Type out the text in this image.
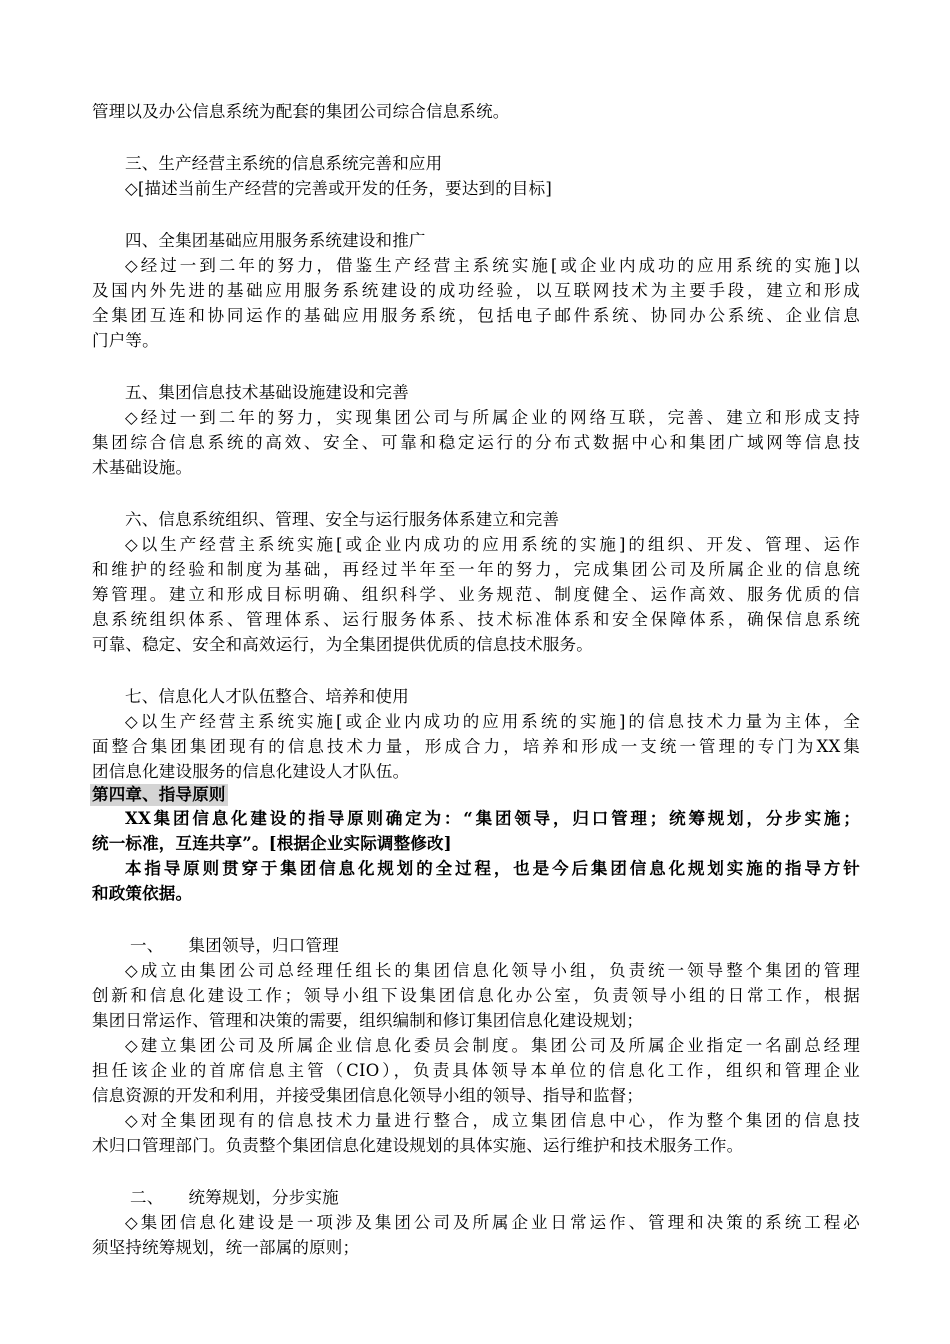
管理以及办公信息系统为配套的集团公司综合信息系统。
三、生产经营主系统的信息系统完善和应用
◇[描述当前生产经营的完善或开发的任务，要达到的目标]
四、全集团基础应用服务系统建设和推广
◇经过一到二年的努力，借鉴生产经营主系统实施[或企业内成功的应用系统的实施]以
及国内外先进的基础应用服务系统建设的成功经验，以互联网技术为主要手段，建立和形成
全集团互连和协同运作的基础应用服务系统，包括电子邮件系统、协同办公系统、企业信息
门户等。
五、集团信息技术基础设施建设和完善
◇经过一到二年的努力，实现集团公司与所属企业的网络互联，完善、建立和形成支持
集团综合信息系统的高效、安全、可靠和稳定运行的分布式数据中心和集团广域网等信息技
术基础设施。
六、信息系统组织、管理、安全与运行服务体系建立和完善
◇以生产经营主系统实施[或企业内成功的应用系统的实施]的组织、开发、管理、运作
和维护的经验和制度为基础，再经过半年至一年的努力，完成集团公司及所属企业的信息统
筹管理。建立和形成目标明确、组织科学、业务规范、制度健全、运作高效、服务优质的信
息系统组织体系、管理体系、运行服务体系、技术标准体系和安全保障体系，确保信息系统
可靠、稳定、安全和高效运行，为全集团提供优质的信息技术服务。
七、信息化人才队伍整合、培养和使用
◇以生产经营主系统实施[或企业内成功的应用系统的实施]的信息技术力量为主体，全
面整合集团集团现有的信息技术力量，形成合力，培养和形成一支统一管理的专门为XX集
团信息化建设服务的信息化建设人才队伍。
第四章、指导原则
XX集团信息化建设的指导原则确定为：“集团领导，归口管理；统筹规划，分步实施；
统一标准，互连共享”。[根据企业实际调整修改]
本指导原则贯穿于集团信息化规划的全过程，也是今后集团信息化规划实施的指导方针
和政策依据。
一、　　集团领导，归口管理
◇成立由集团公司总经理任组长的集团信息化领导小组，负责统一领导整个集团的管理
创新和信息化建设工作；领导小组下设集团信息化办公室，负责领导小组的日常工作，根据
集团日常运作、管理和决策的需要，组织编制和修订集团信息化建设规划；
◇建立集团公司及所属企业信息化委员会制度。集团公司及所属企业指定一名副总经理
担任该企业的首席信息主管（CIO），负责具体领导本单位的信息化工作，组织和管理企业
信息资源的开发和利用，并接受集团信息化领导小组的领导、指导和监督；
◇对全集团现有的信息技术力量进行整合，成立集团信息中心，作为整个集团的信息技
术归口管理部门。负责整个集团信息化建设规划的具体实施、运行维护和技术服务工作。
二、　　统筹规划，分步实施
◇集团信息化建设是一项涉及集团公司及所属企业日常运作、管理和决策的系统工程必
须坚持统筹规划，统一部属的原则；
